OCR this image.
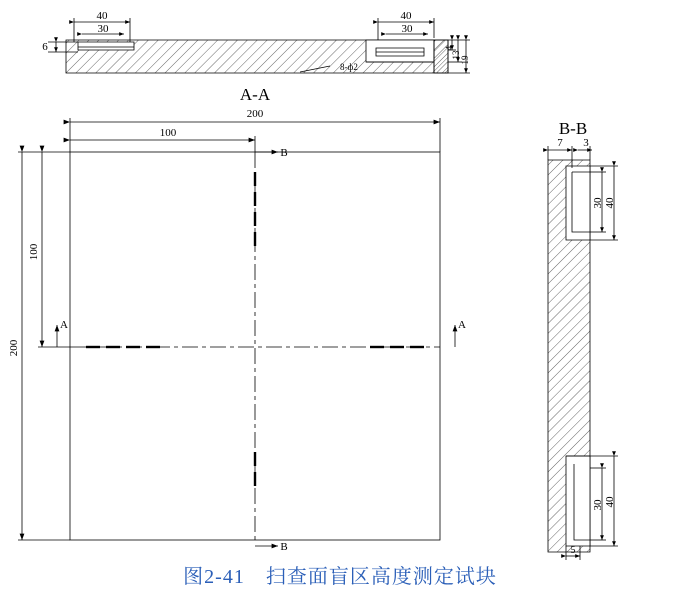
40
30
6
40
30
4
13
19
8-ф2
A-A
200
100
200
100
A	A
B
B
B-B
7 3
30 40
30 40
5
图2-41　扫查面盲区高度测定试块
